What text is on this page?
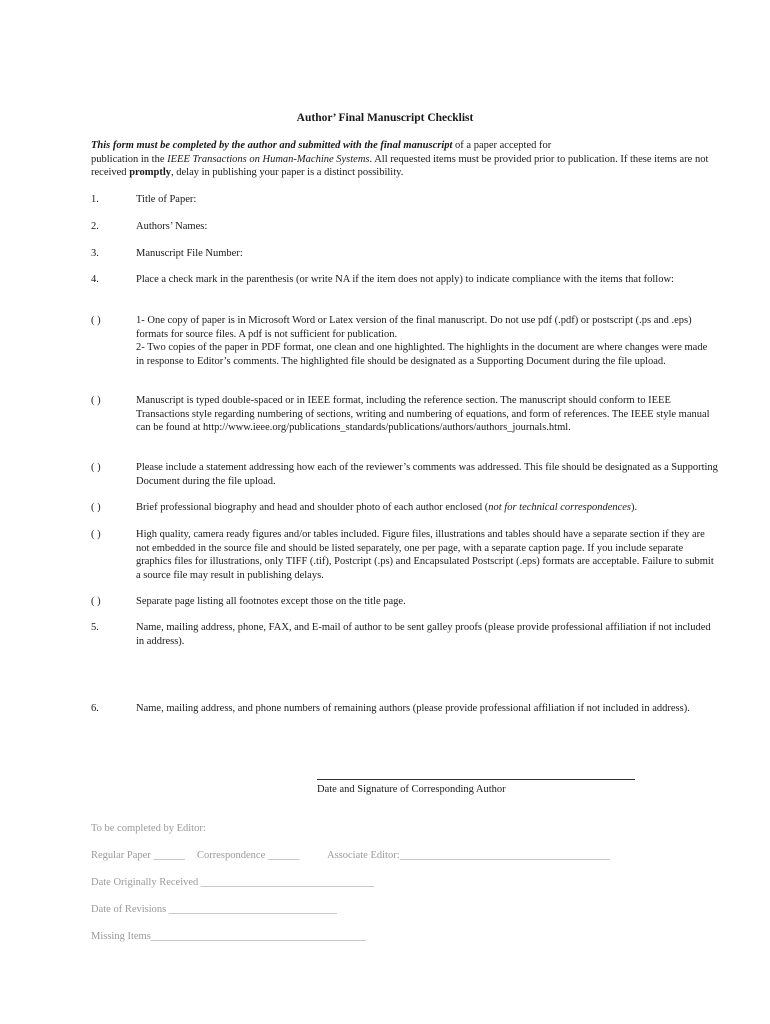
Author’ Final Manuscript Checklist
This form must be completed by the author and submitted with the final manuscript of a paper accepted for
publication in the IEEE Transactions on Human-Machine Systems. All requested items must be provided prior to publication. If these items are not received promptly, delay in publishing your paper is a distinct possibility.
1.	Title of Paper:
2.	Authors’ Names:
3.	Manuscript File Number:
4.	Place a check mark in the parenthesis (or write NA if the item does not apply) to indicate compliance with the items that follow:
( )	1- One copy of paper is in Microsoft Word or Latex version of the final manuscript. Do not use pdf (.pdf) or postscript (.ps and .eps) formats for source files. A pdf is not sufficient for publication.
2- Two copies of the paper in PDF format, one clean and one highlighted. The highlights in the document are where changes were made in response to Editor’s comments. The highlighted file should be designated as a Supporting Document during the file upload.
( )	Manuscript is typed double-spaced or in IEEE format, including the reference section. The manuscript should conform to IEEE Transactions style regarding numbering of sections, writing and numbering of equations, and form of references. The IEEE style manual can be found at http://www.ieee.org/publications_standards/publications/authors/authors_journals.html.
( )	Please include a statement addressing how each of the reviewer’s comments was addressed. This file should be designated as a Supporting Document during the file upload.
( )	Brief professional biography and head and shoulder photo of each author enclosed (not for technical correspondences).
( )	High quality, camera ready figures and/or tables included. Figure files, illustrations and tables should have a separate section if they are not embedded in the source file and should be listed separately, one per page, with a separate caption page. If you include separate graphics files for illustrations, only TIFF (.tif), Postcript (.ps) and Encapsulated Postscript (.eps) formats are acceptable. Failure to submit a source file may result in publishing delays.
( )	Separate page listing all footnotes except those on the title page.
5.	Name, mailing address, phone, FAX, and E-mail of author to be sent galley proofs (please provide professional affiliation if not included in address).
6.	Name, mailing address, and phone numbers of remaining authors (please provide professional affiliation if not included in address).
Date and Signature of Corresponding Author
To be completed by Editor:
Regular Paper ______ Correspondence ______	Associate Editor:________________________________________
Date Originally Received _________________________________
Date of Revisions ________________________________
Missing Items_________________________________________
